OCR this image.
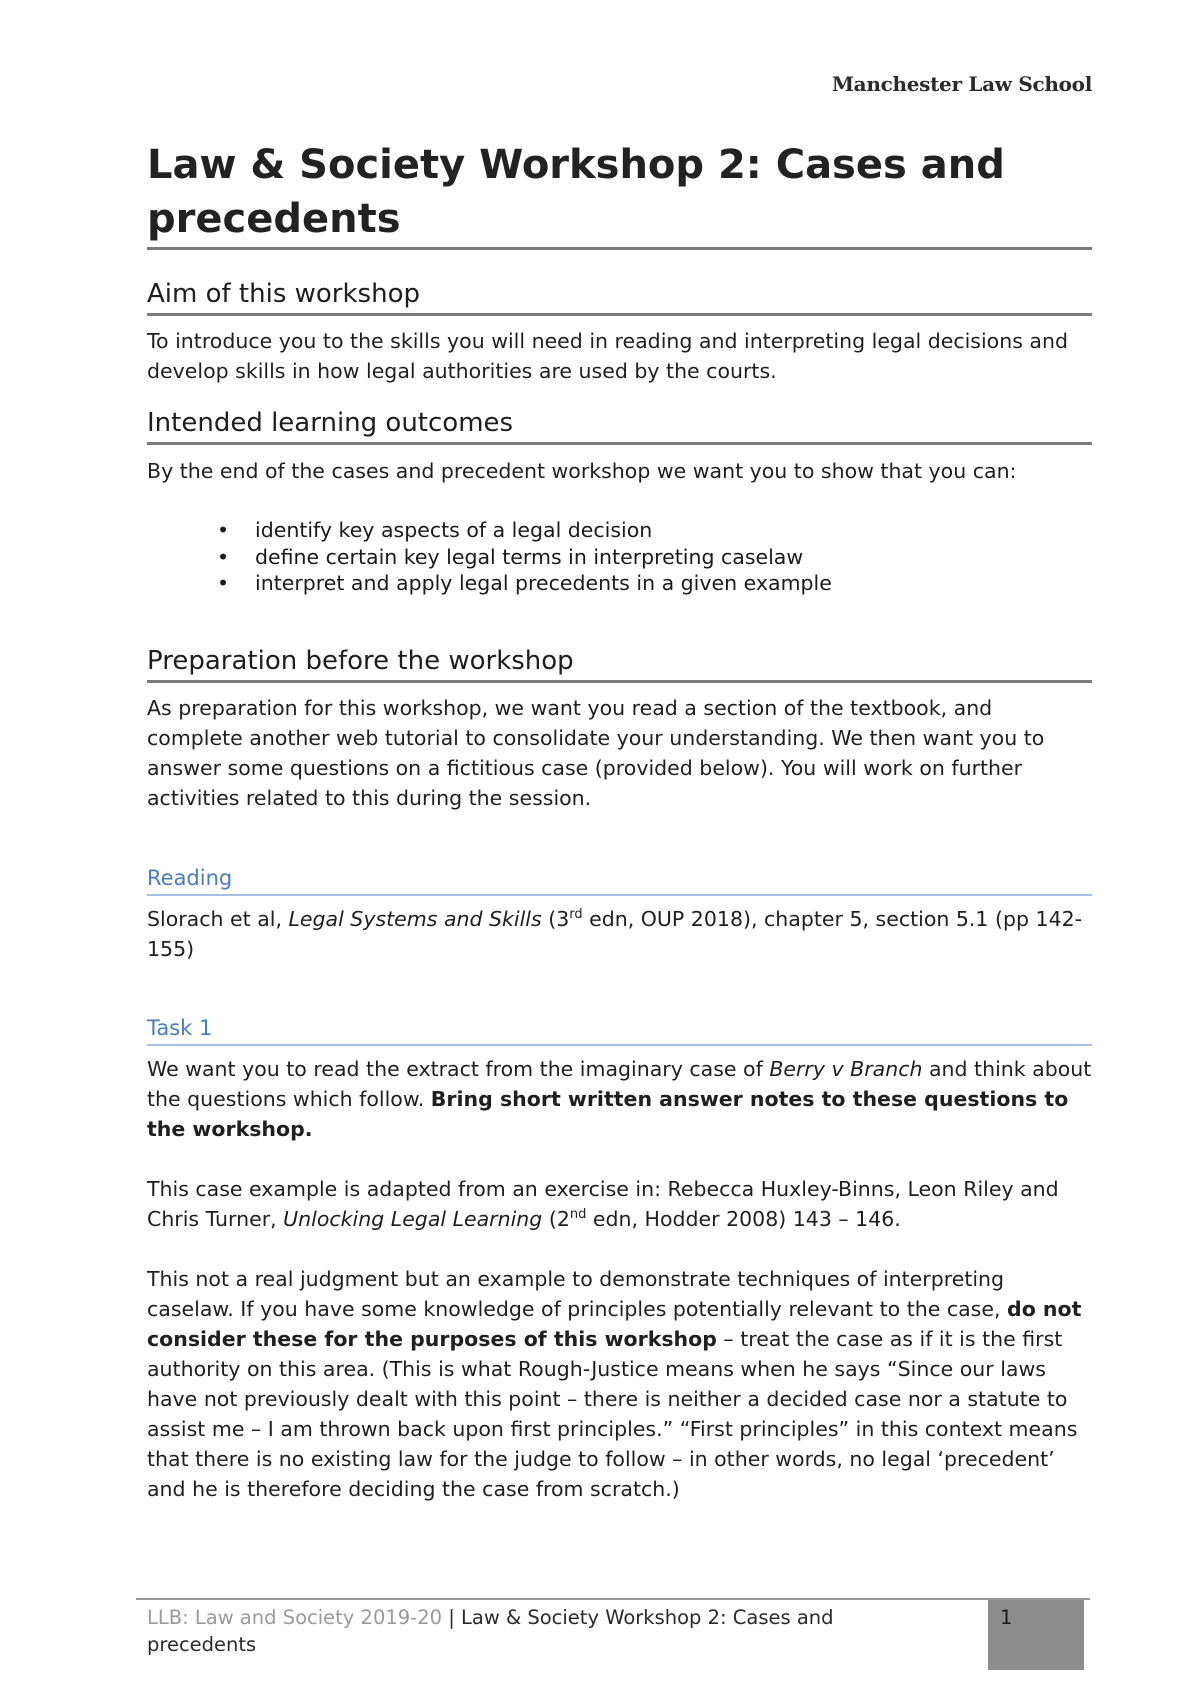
Manchester Law School
Law & Society Workshop 2: Cases and precedents
Aim of this workshop

To introduce you to the skills you will need in reading and interpreting legal decisions and develop skills in how legal authorities are used by the courts.

Intended learning outcomes

By the end of the cases and precedent workshop we want you to show that you can:

• identify key aspects of a legal decision
• define certain key legal terms in interpreting caselaw
• interpret and apply legal precedents in a given example
Preparation before the workshop

As preparation for this workshop, we want you read a section of the textbook, and complete another web tutorial to consolidate your understanding. We then want you to answer some questions on a fictitious case (provided below). You will work on further activities related to this during the session.

Reading

Slorach et al, Legal Systems and Skills (3rd edn, OUP 2018), chapter 5, section 5.1 (pp 142- 155)

Task 1

We want you to read the extract from the imaginary case of Berry v Branch and think about the questions which follow. Bring short written answer notes to these questions to the workshop.

This case example is adapted from an exercise in: Rebecca Huxley-Binns, Leon Riley and Chris Turner, Unlocking Legal Learning (2nd edn, Hodder 2008) 143 – 146.

This not a real judgment but an example to demonstrate techniques of interpreting caselaw. If you have some knowledge of principles potentially relevant to the case, do not consider these for the purposes of this workshop – treat the case as if it is the first authority on this area. (This is what Rough-Justice means when he says “Since our laws have not previously dealt with this point – there is neither a decided case nor a statute to assist me – I am thrown back upon first principles.” “First principles” in this context means that there is no existing law for the judge to follow – in other words, no legal ‘precedent’ and he is therefore deciding the case from scratch.)

LLB: Law and Society 2019-20 | Law & Society Workshop 2: Cases and precedents
1
